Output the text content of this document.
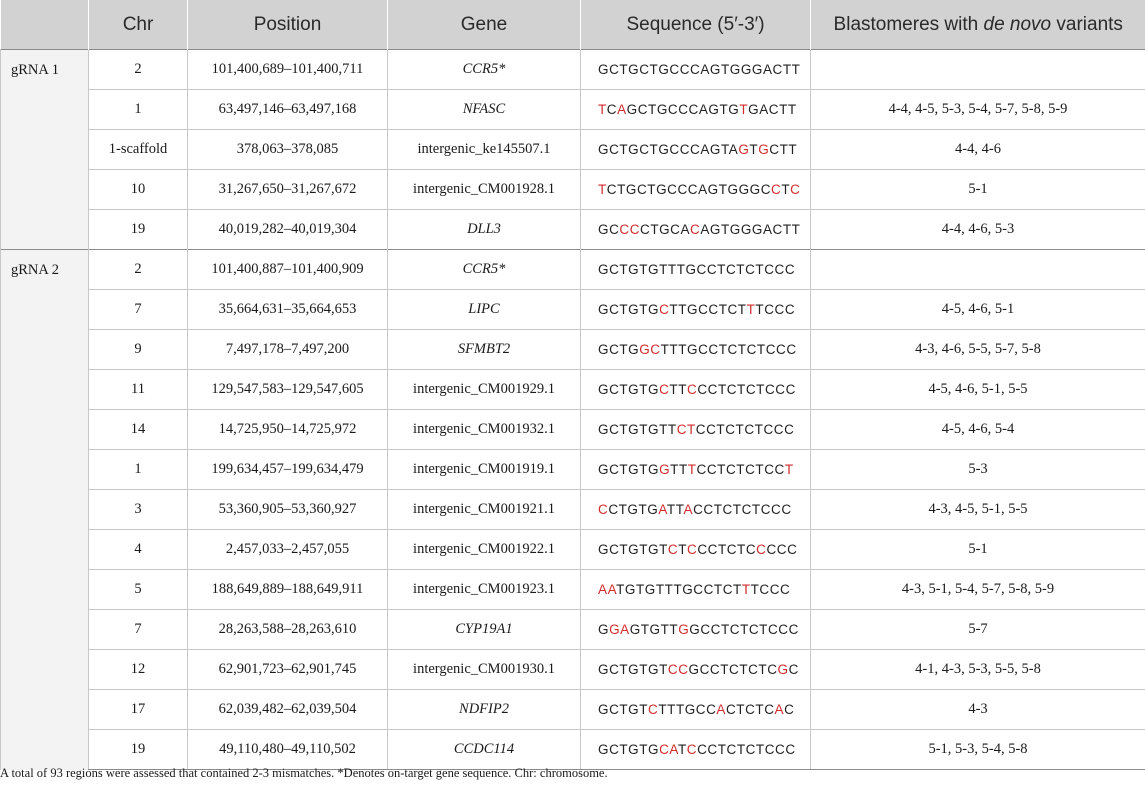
	Chr	Position	Gene	Sequence (5′-3′)	Blastomeres with de novo variants
gRNA 1	2	101,400,689–101,400,711	CCR5*	GCTGCTGCCCAGTGGGACTT	
	1	63,497,146–63,497,168	NFASC	TCAGCTGCCCAGTGTGACTT	4-4, 4-5, 5-3, 5-4, 5-7, 5-8, 5-9
	1-scaffold	378,063–378,085	intergenic_ke145507.1	GCTGCTGCCCAGTAGTGCTT	4-4, 4-6
	10	31,267,650–31,267,672	intergenic_CM001928.1	TCTGCTGCCCAGTGGGCCTC	5-1
	19	40,019,282–40,019,304	DLL3	GCCCCTGCACAGTGGGACTT	4-4, 4-6, 5-3
gRNA 2	2	101,400,887–101,400,909	CCR5*	GCTGTGTTTGCCTCTCTCCC	
	7	35,664,631–35,664,653	LIPC	GCTGTGCTTGCCTCTTTCCC	4-5, 4-6, 5-1
	9	7,497,178–7,497,200	SFMBT2	GCTGGCTTTGCCTCTCTCCC	4-3, 4-6, 5-5, 5-7, 5-8
	11	129,547,583–129,547,605	intergenic_CM001929.1	GCTGTGCTTCCCTCTCTCCC	4-5, 4-6, 5-1, 5-5
	14	14,725,950–14,725,972	intergenic_CM001932.1	GCTGTGTTCTCCTCTCTCCC	4-5, 4-6, 5-4
	1	199,634,457–199,634,479	intergenic_CM001919.1	GCTGTGGTTTCCTCTCTCCT	5-3
	3	53,360,905–53,360,927	intergenic_CM001921.1	CCTGTGATTACCTCTCTCCC	4-3, 4-5, 5-1, 5-5
	4	2,457,033–2,457,055	intergenic_CM001922.1	GCTGTGTCTCCCTCTCCCCC	5-1
	5	188,649,889–188,649,911	intergenic_CM001923.1	AATGTGTTTGCCTCTTTCCC	4-3, 5-1, 5-4, 5-7, 5-8, 5-9
	7	28,263,588–28,263,610	CYP19A1	GGAGTGTTGGCCTCTCTCCC	5-7
	12	62,901,723–62,901,745	intergenic_CM001930.1	GCTGTGTCCGCCTCTCTCGC	4-1, 4-3, 5-3, 5-5, 5-8
	17	62,039,482–62,039,504	NDFIP2	GCTGTCTTTGCCACTCTCAC	4-3
	19	49,110,480–49,110,502	CCDC114	GCTGTGCATCCCTCTCTCCC	5-1, 5-3, 5-4, 5-8
A total of 93 regions were assessed that contained 2-3 mismatches. *Denotes on-target gene sequence. Chr: chromosome.
